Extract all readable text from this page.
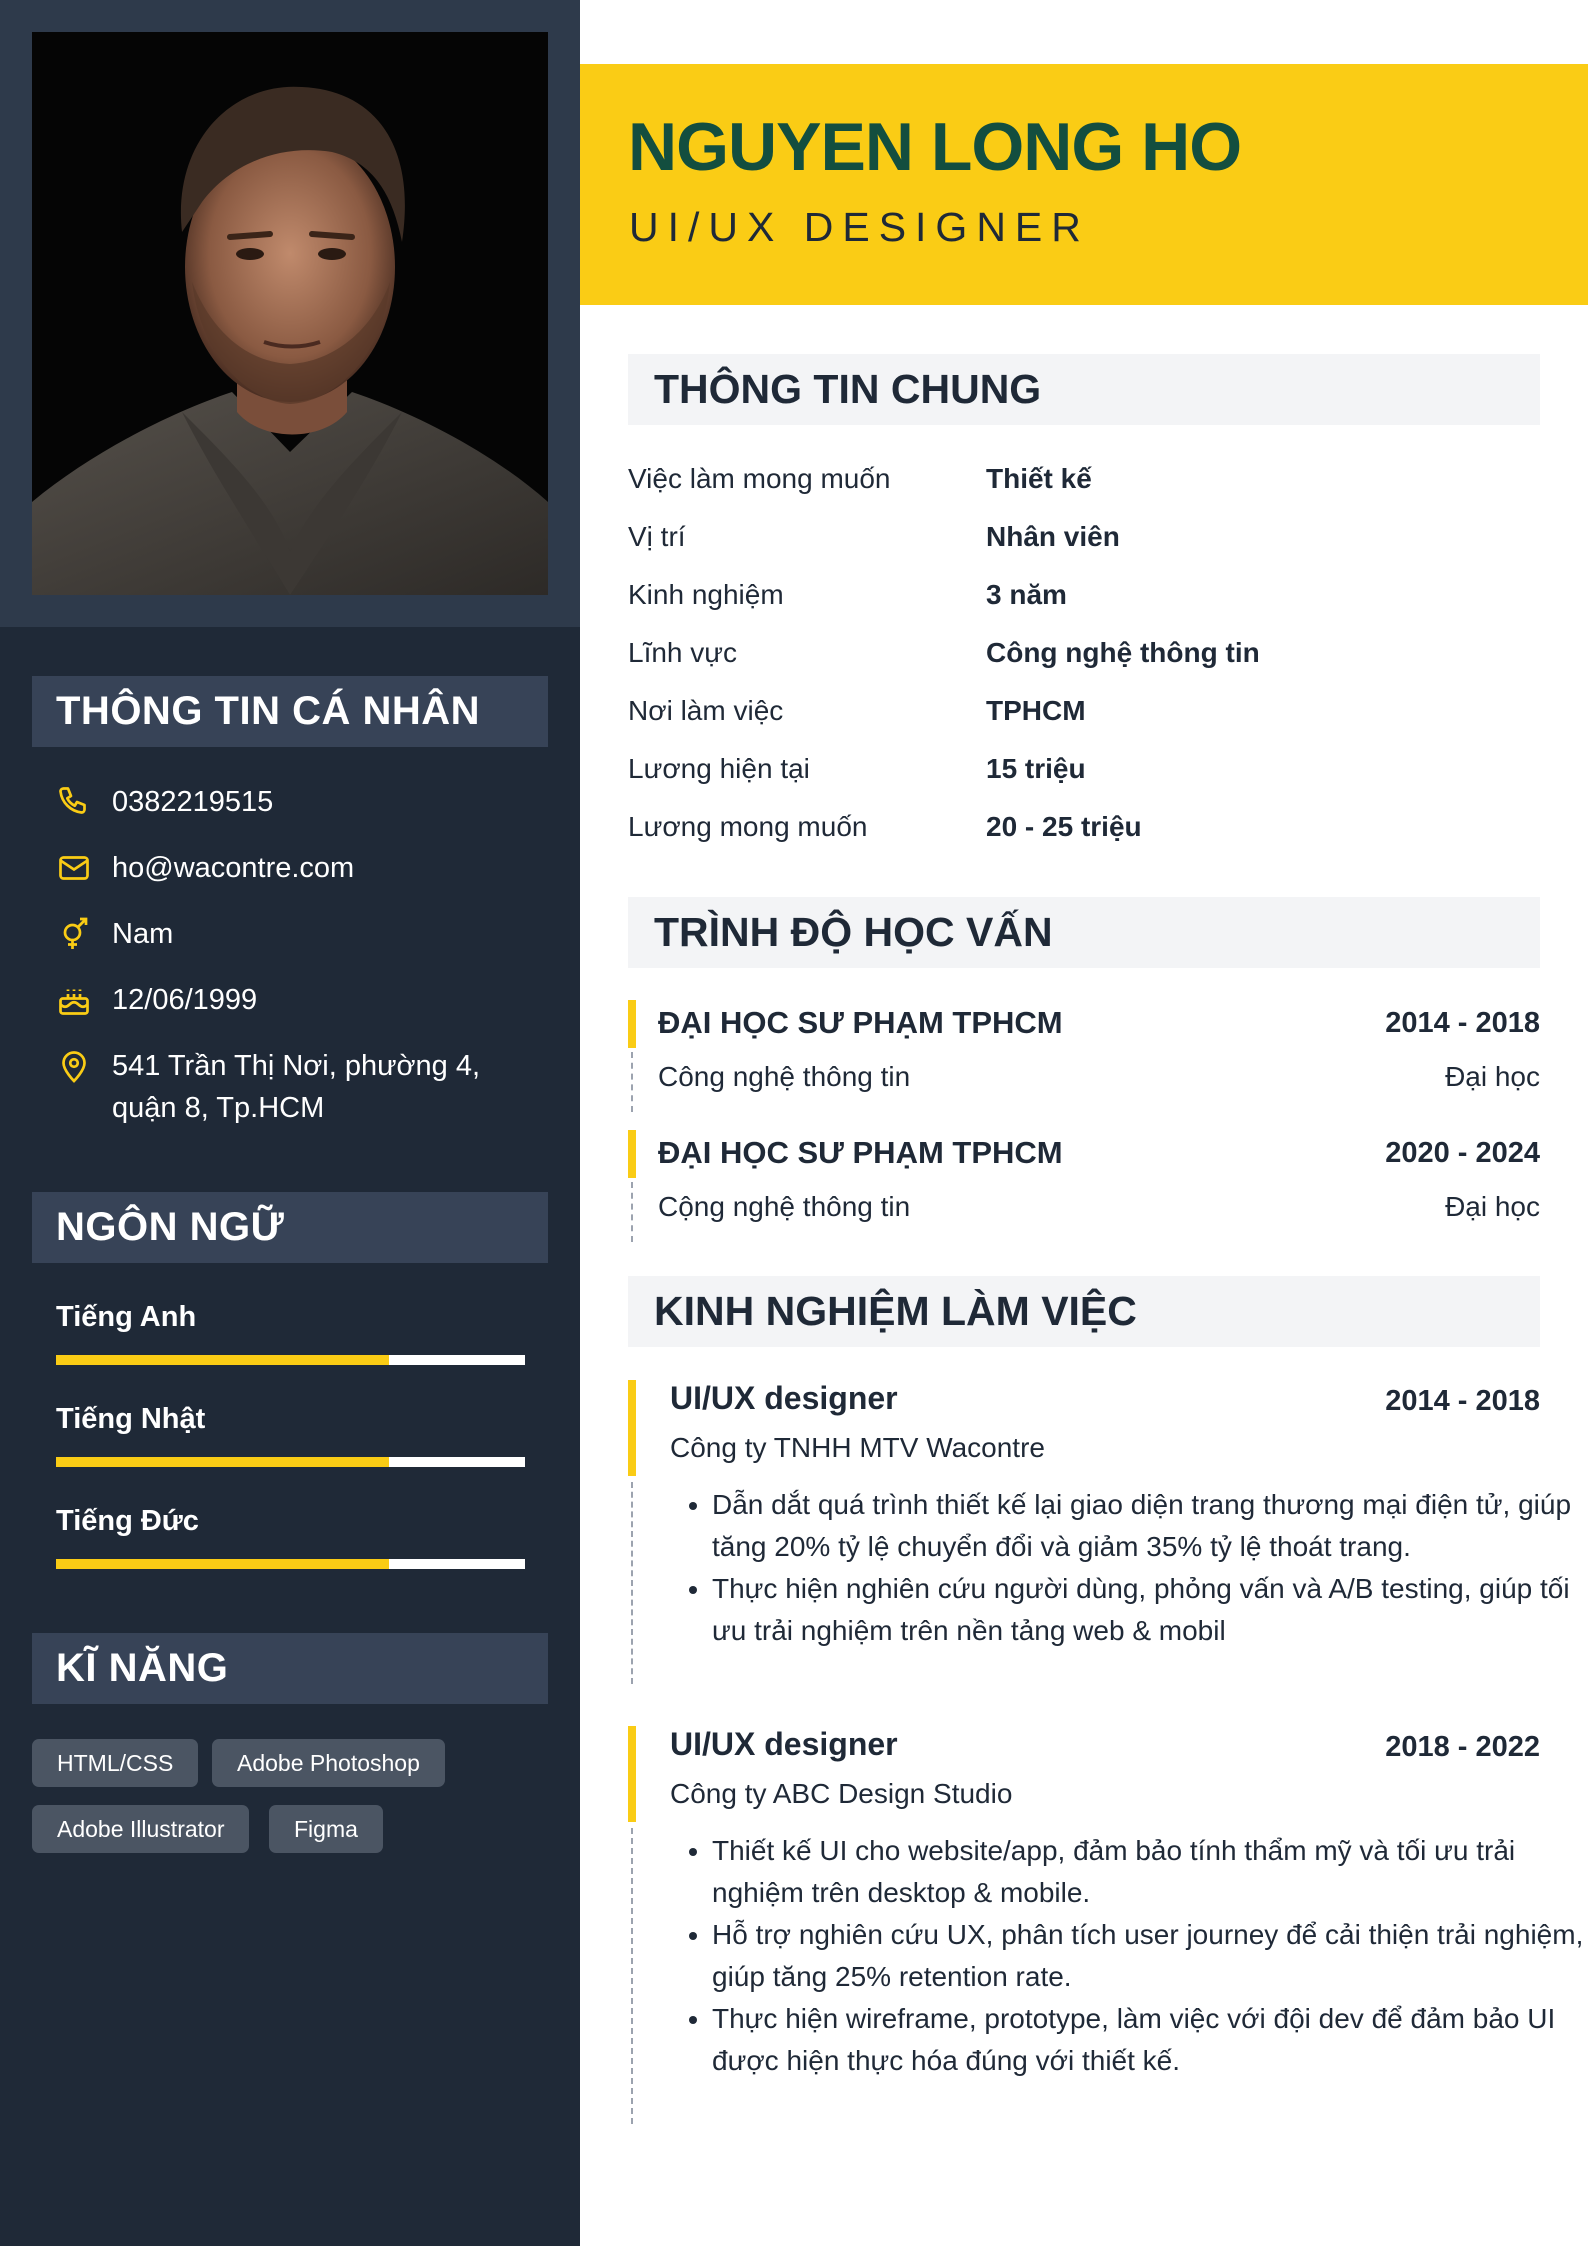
THÔNG TIN CÁ NHÂN
0382219515
ho@wacontre.com
Nam
12/06/1999
541 Trần Thị Nơi, phường 4,
quận 8, Tp.HCM
NGÔN NGỮ
Tiếng Anh
Tiếng Nhật
Tiếng Đức
KĨ NĂNG
HTML/CSS	Adobe Photoshop
Adobe Illustrator	Figma
NGUYEN LONG HO
UI/UX DESIGNER
THÔNG TIN CHUNG
Việc làm mong muốn	Thiết kế
Vị trí	Nhân viên
Kinh nghiệm	3 năm
Lĩnh vực	Công nghệ thông tin
Nơi làm việc	TPHCM
Lương hiện tại	15 triệu
Lương mong muốn	20 - 25 triệu
TRÌNH ĐỘ HỌC VẤN
ĐẠI HỌC SƯ PHẠM TPHCM	2014 - 2018
Công nghệ thông tin	Đại học
ĐẠI HỌC SƯ PHẠM TPHCM	2020 - 2024
Cộng nghệ thông tin	Đại học
KINH NGHIỆM LÀM VIỆC
UI/UX designer	2014 - 2018
Công ty TNHH MTV Wacontre
• Dẫn dắt quá trình thiết kế lại giao diện trang thương mại điện tử, giúp tăng 20% tỷ lệ chuyển đổi và giảm 35% tỷ lệ thoát trang.
• Thực hiện nghiên cứu người dùng, phỏng vấn và A/B testing, giúp tối ưu trải nghiệm trên nền tảng web & mobil
UI/UX designer	2018 - 2022
Công ty ABC Design Studio
• Thiết kế UI cho website/app, đảm bảo tính thẩm mỹ và tối ưu trải nghiệm trên desktop & mobile.
• Hỗ trợ nghiên cứu UX, phân tích user journey để cải thiện trải nghiệm, giúp tăng 25% retention rate.
• Thực hiện wireframe, prototype, làm việc với đội dev để đảm bảo UI được hiện thực hóa đúng với thiết kế.
